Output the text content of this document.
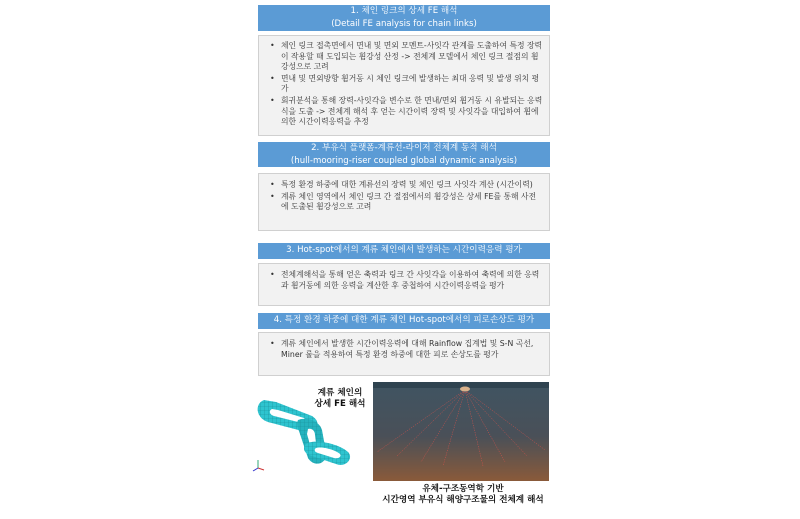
1. 체인 링크의 상세 FE 해석
(Detail FE analysis for chain links)
• 체인 링크 접촉면에서 면내 및 면외 모멘트-사잇각 관계를 도출하여 특정 장력이 작용할 때 도입되는 휨강성 산정 -> 전체계 모델에서 체인 링크 절점의 휨강성으로 고려
• 면내 및 면외방향 휨거동 시 체인 링크에 발생하는 최대 응력 및 발생 위치 평가
• 회귀분석을 통해 장력-사잇각을 변수로 한 면내/면외 휨거동 시 유발되는 응력식을 도출 -> 전체계 해석 후 얻는 시간이력 장력 및 사잇각을 대입하여 휨에 의한 시간이력응력을 추정
2. 부유식 플랫폼-계류선-라이저 전체계 동적 해석
(hull-mooring-riser coupled global dynamic analysis)
• 특정 환경 하중에 대한 계류선의 장력 및 체인 링크 사잇각 계산 (시간이력)
• 계류 체인 영역에서 체인 링크 간 절점에서의 휨강성은 상세 FE를 통해 사전에 도출된 휨강성으로 고려
3. Hot-spot에서의 계류 체인에서 발생하는 시간이력응력 평가
• 전체계해석을 통해 얻은 축력과 링크 간 사잇각을 이용하여 축력에 의한 응력과 휨거동에 의한 응력을 계산한 후 중첩하여 시간이력응력을 평가
4. 특정 환경 하중에 대한 계류 체인 Hot-spot에서의 피로손상도 평가
• 계류 체인에서 발생한 시간이력응력에 대해 Rainflow 집계법 및 S-N 곡선, Miner 룰을 적용하여 특정 환경 하중에 대한 피로 손상도를 평가
계류 체인의
상세 FE 해석
유체-구조동역학 기반
시간영역 부유식 해양구조물의 전체계 해석
